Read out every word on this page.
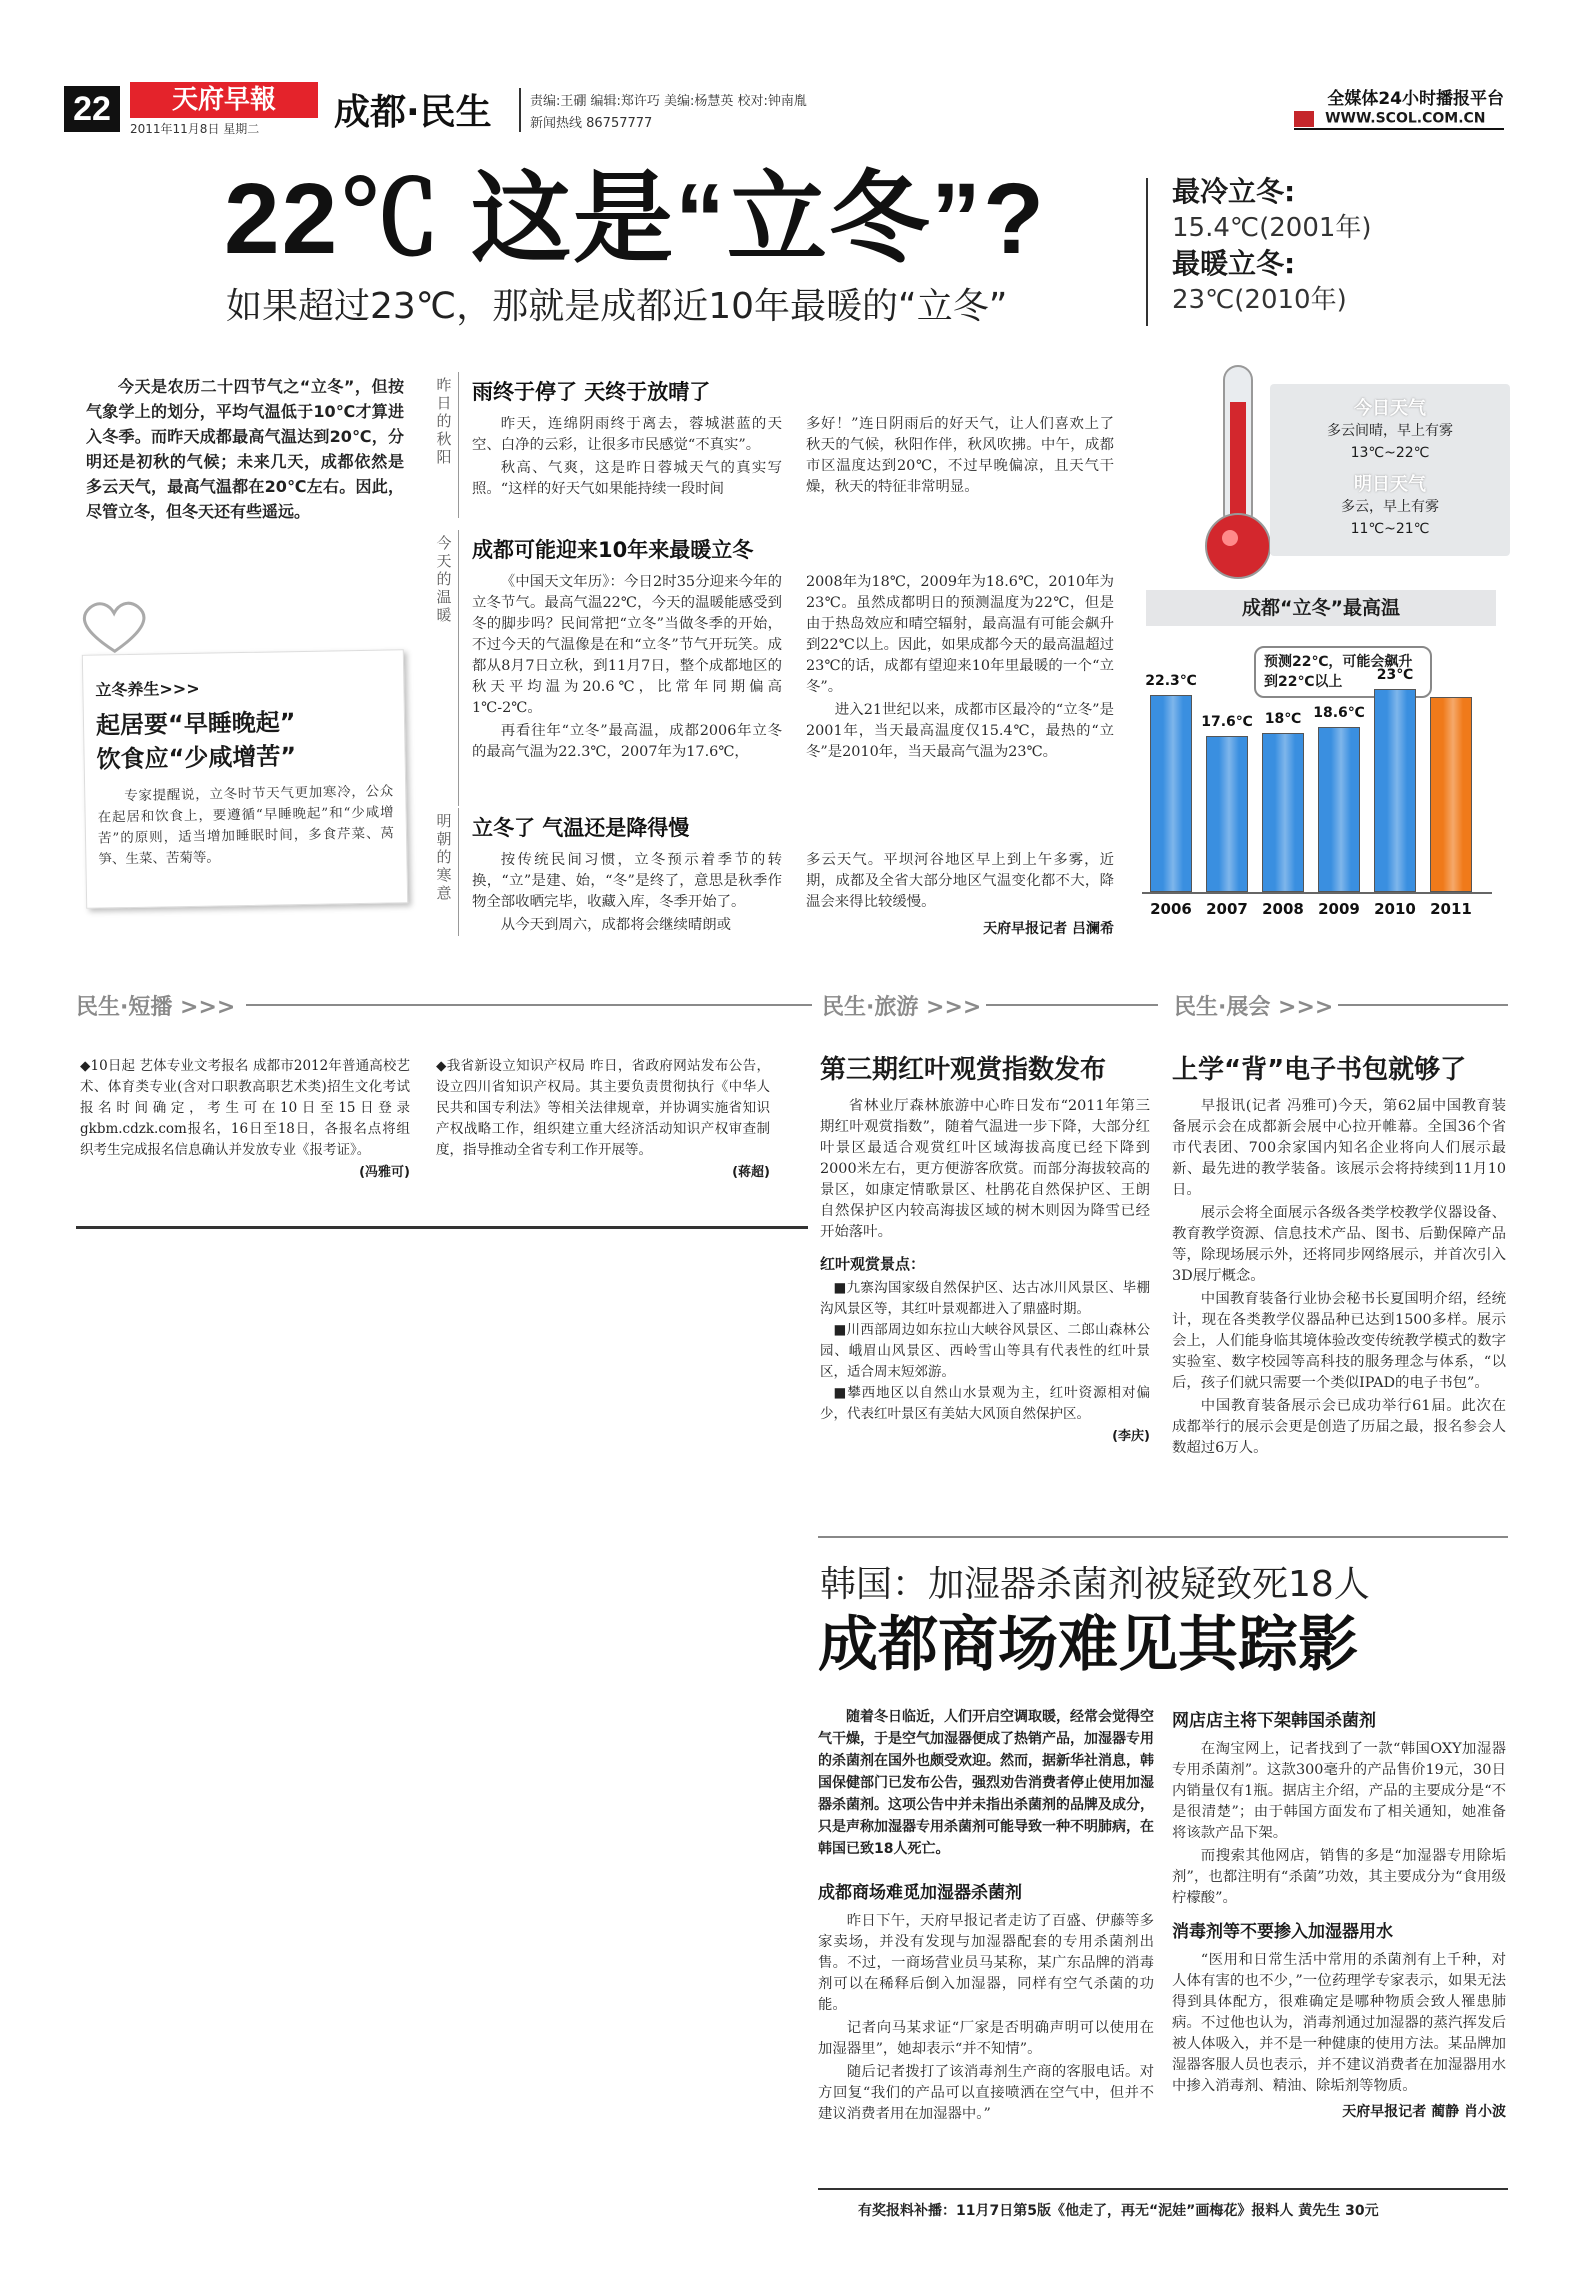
22	天府早報
2011年11月8日 星期二 成都·民生	责编:王硼 编辑:郑许巧 美编:杨慧英 校对:钟南胤
新闻热线 86757777
全媒体24小时播报平台
WWW.SCOL.COM.CN
22℃ 这是“立冬”?
如果超过23℃，那就是成都近10年最暖的“立冬”
最冷立冬:
15.4℃(2001年)
最暖立冬:
23℃(2010年)

今天是农历二十四节气之“立冬”，但按气象学上的划分，平均气温低于10℃才算进入冬季。而昨天成都最高气温达到20℃，分明还是初秋的气候；未来几天，成都依然是多云天气，最高气温都在20℃左右。因此，尽管立冬，但冬天还有些遥远。

立冬养生>>>
起居要“早睡晚起”
饮食应“少咸增苦”

专家提醒说，立冬时节天气更加寒冷，公众在起居和饮食上，要遵循“早睡晚起”和“少咸增苦”的原则，适当增加睡眠时间，多食芹菜、莴笋、生菜、苦菊等。

昨日的秋阳
雨终于停了 天终于放晴了

昨天，连绵阴雨终于离去，蓉城湛蓝的天空、白净的云彩，让很多市民感觉“不真实”。

秋高、气爽，这是昨日蓉城天气的真实写照。“这样的好天气如果能持续一段时间

多好！”连日阴雨后的好天气，让人们喜欢上了秋天的气候，秋阳作伴，秋风吹拂。中午，成都市区温度达到20℃，不过早晚偏凉，且天气干燥，秋天的特征非常明显。

今天的温暖
成都可能迎来10年来最暖立冬

《中国天文年历》：今日2时35分迎来今年的立冬节气。最高气温22℃，今天的温暖能感受到冬的脚步吗？民间常把“立冬”当做冬季的开始，不过今天的气温像是在和“立冬”节气开玩笑。成都从8月7日立秋，到11月7日，整个成都地区的秋天平均温为20.6℃，比常年同期偏高1℃-2℃。

再看往年“立冬”最高温，成都2006年立冬的最高气温为22.3℃，2007年为17.6℃，

2008年为18℃，2009年为18.6℃，2010年为23℃。虽然成都明日的预测温度为22℃，但是由于热岛效应和晴空辐射，最高温有可能会飙升到22℃以上。因此，如果成都今天的最高温超过23℃的话，成都有望迎来10年里最暖的一个“立冬”。

进入21世纪以来，成都市区最冷的“立冬”是2001年，当天最高温度仅15.4℃，最热的“立冬”是2010年，当天最高气温为23℃。

明朝的寒意
立冬了 气温还是降得慢

按传统民间习惯，立冬预示着季节的转换，“立”是建、始，“冬”是终了，意思是秋季作物全部收晒完毕，收藏入库，冬季开始了。

从今天到周六，成都将会继续晴朗或

多云天气。平坝河谷地区早上到上午多雾，近期，成都及全省大部分地区气温变化都不大，降温会来得比较缓慢。

天府早报记者 吕澜希
今日天气
多云间晴，早上有雾
13℃~22℃
明日天气
多云，早上有雾
11℃~21℃
成都“立冬”最高温
预测22℃，可能会飙升到22℃以上
22.3℃
2006
17.6℃
2007
18℃
2008
18.6℃
2009
23℃
2010 2011
民生·短播 >>>	民生·旅游 >>>	民生·展会 >>>

◆10日起 艺体专业文考报名 成都市2012年普通高校艺术、体育类专业(含对口职教高职艺术类)招生文化考试报名时间确定，考生可在10日至15日登录gkbm.cdzk.com报名，16日至18日，各报名点将组织考生完成报名信息确认并发放专业《报考证》。

(冯雅可)

◆我省新设立知识产权局 昨日，省政府网站发布公告，设立四川省知识产权局。其主要负责贯彻执行《中华人民共和国专利法》等相关法律规章，并协调实施省知识产权战略工作，组织建立重大经济活动知识产权审查制度，指导推动全省专利工作开展等。

(蒋超)
第三期红叶观赏指数发布

省林业厅森林旅游中心昨日发布“2011年第三期红叶观赏指数”，随着气温进一步下降，大部分红叶景区最适合观赏红叶区域海拔高度已经下降到2000米左右，更方便游客欣赏。而部分海拔较高的景区，如康定情歌景区、杜鹃花自然保护区、王朗自然保护区内较高海拔区域的树木则因为降雪已经开始落叶。

红叶观赏景点：

■九寨沟国家级自然保护区、达古冰川风景区、毕棚沟风景区等，其红叶景观都进入了鼎盛时期。

■川西部周边如东拉山大峡谷风景区、二郎山森林公园、峨眉山风景区、西岭雪山等具有代表性的红叶景区，适合周末短郊游。

■攀西地区以自然山水景观为主，红叶资源相对偏少，代表红叶景区有美姑大风顶自然保护区。

(李庆)
上学“背”电子书包就够了

早报讯(记者 冯雅可)今天，第62届中国教育装备展示会在成都新会展中心拉开帷幕。全国36个省市代表团、700余家国内知名企业将向人们展示最新、最先进的教学装备。该展示会将持续到11月10日。

展示会将全面展示各级各类学校教学仪器设备、教育教学资源、信息技术产品、图书、后勤保障产品等，除现场展示外，还将同步网络展示，并首次引入3D展厅概念。

中国教育装备行业协会秘书长夏国明介绍，经统计，现在各类教学仪器品种已达到1500多样。展示会上，人们能身临其境体验改变传统教学模式的数字实验室、数字校园等高科技的服务理念与体系，“以后，孩子们就只需要一个类似IPAD的电子书包”。

中国教育装备展示会已成功举行61届。此次在成都举行的展示会更是创造了历届之最，报名参会人数超过6万人。

韩国：加湿器杀菌剂被疑致死18人
成都商场难见其踪影

随着冬日临近，人们开启空调取暖，经常会觉得空气干燥，于是空气加湿器便成了热销产品，加湿器专用的杀菌剂在国外也颇受欢迎。然而，据新华社消息，韩国保健部门已发布公告，强烈劝告消费者停止使用加湿器杀菌剂。这项公告中并未指出杀菌剂的品牌及成分，只是声称加湿器专用杀菌剂可能导致一种不明肺病，在韩国已致18人死亡。

成都商场难觅加湿器杀菌剂

昨日下午，天府早报记者走访了百盛、伊藤等多家卖场，并没有发现与加湿器配套的专用杀菌剂出售。不过，一商场营业员马某称，某广东品牌的消毒剂可以在稀释后倒入加湿器，同样有空气杀菌的功能。

记者向马某求证“厂家是否明确声明可以使用在加湿器里”，她却表示“并不知情”。

随后记者拨打了该消毒剂生产商的客服电话。对方回复“我们的产品可以直接喷洒在空气中，但并不建议消费者用在加湿器中。”

网店店主将下架韩国杀菌剂

在淘宝网上，记者找到了一款“韩国OXY加湿器专用杀菌剂”。这款300毫升的产品售价19元，30日内销量仅有1瓶。据店主介绍，产品的主要成分是“不是很清楚”；由于韩国方面发布了相关通知，她准备将该款产品下架。

而搜索其他网店，销售的多是“加湿器专用除垢剂”，也都注明有“杀菌”功效，其主要成分为“食用级柠檬酸”。

消毒剂等不要掺入加湿器用水

“医用和日常生活中常用的杀菌剂有上千种，对人体有害的也不少，”一位药理学专家表示，如果无法得到具体配方，很难确定是哪种物质会致人罹患肺病。不过他也认为，消毒剂通过加湿器的蒸汽挥发后被人体吸入，并不是一种健康的使用方法。某品牌加湿器客服人员也表示，并不建议消费者在加湿器用水中掺入消毒剂、精油、除垢剂等物质。

天府早报记者 蔺静 肖小波
有奖报料补播：11月7日第5版《他走了，再无“泥娃”画梅花》报料人 黄先生 30元
